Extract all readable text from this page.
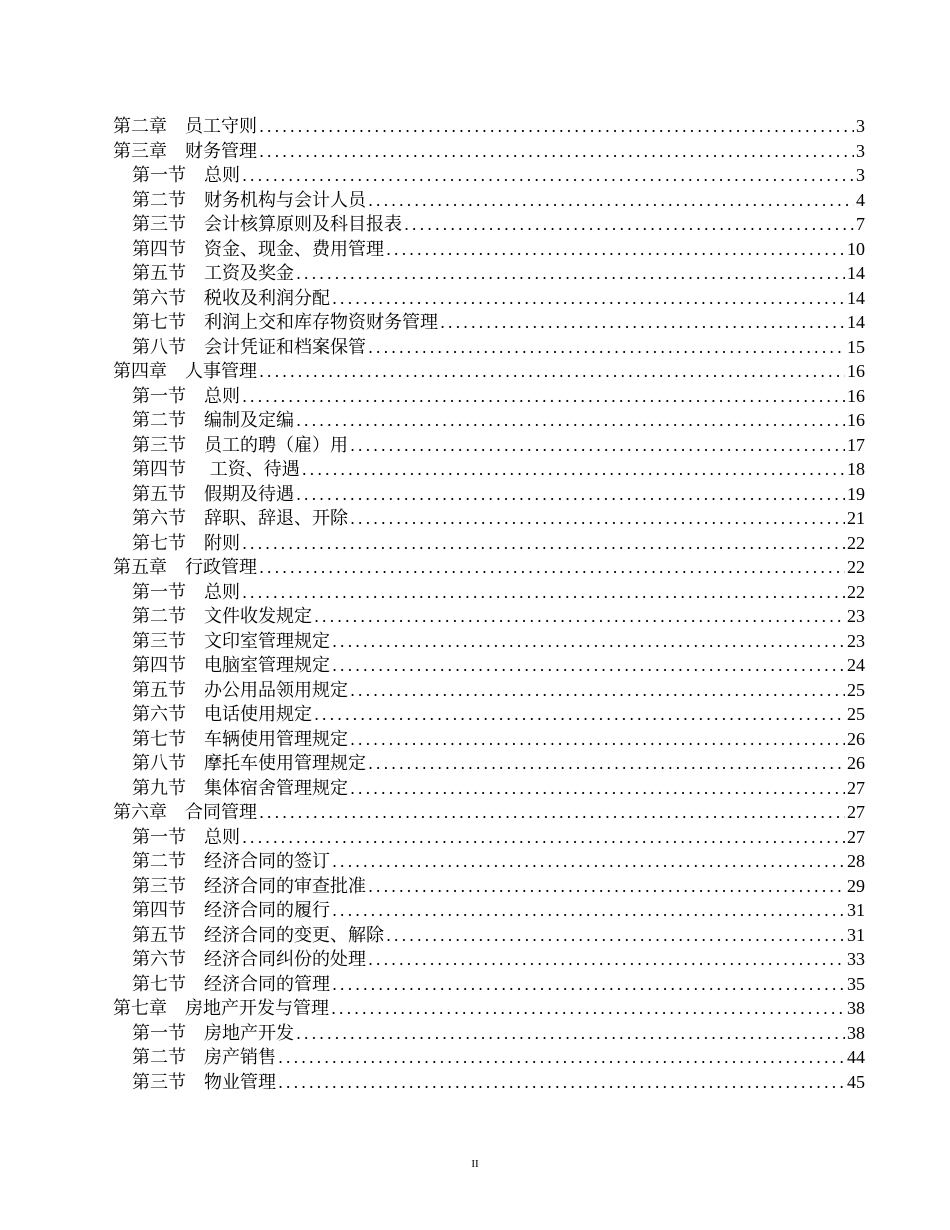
第二章　员工守则 .....	3
第三章　财务管理 .....	3
第一节　总则 .....	3
第二节　财务机构与会计人员 .....	4
第三节　会计核算原则及科目报表 .....	7
第四节　资金、现金、费用管理 .....	10
第五节　工资及奖金 .....	14
第六节　税收及利润分配 .....	14
第七节　利润上交和库存物资财务管理 .....	14
第八节　会计凭证和档案保管 .....	15
第四章　人事管理 .....	16
第一节　总则 .....	16
第二节　编制及定编 .....	16
第三节　员工的聘（雇）用 .....	17
第四节　 工资、待遇 .....	18
第五节　假期及待遇 .....	19
第六节　辞职、辞退、开除 .....	21
第七节　附则 .....	22
第五章　行政管理 .....	22
第一节　总则 .....	22
第二节　文件收发规定 .....	23
第三节　文印室管理规定 .....	23
第四节　电脑室管理规定 .....	24
第五节　办公用品领用规定 .....	25
第六节　电话使用规定 .....	25
第七节　车辆使用管理规定 .....	26
第八节　摩托车使用管理规定 .....	26
第九节　集体宿舍管理规定 .....	27
第六章　合同管理 .....	27
第一节　总则 .....	27
第二节　经济合同的签订 .....	28
第三节　经济合同的审查批准 .....	29
第四节　经济合同的履行 .....	31
第五节　经济合同的变更、解除 .....	31
第六节　经济合同纠份的处理 .....	33
第七节　经济合同的管理 .....	35
第七章　房地产开发与管理 .....	38
第一节　房地产开发 .....	38
第二节　房产销售 .....	44
第三节　物业管理 .....	45
II
